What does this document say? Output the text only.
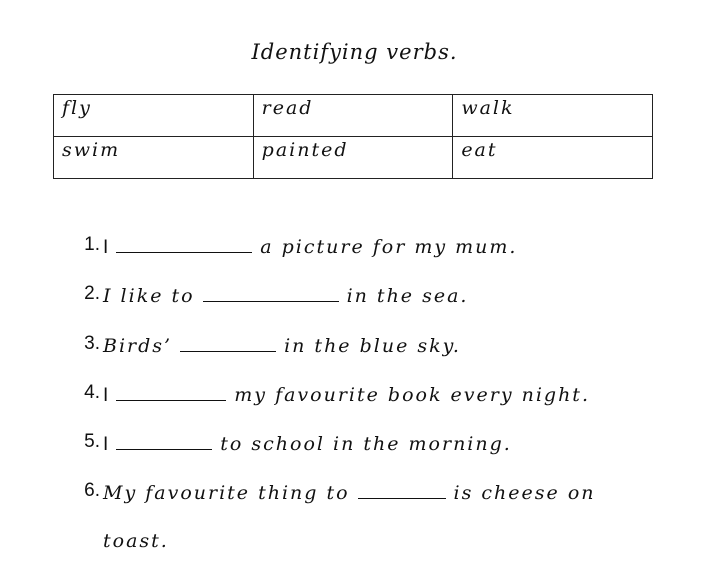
Identifying verbs.
fly	read	walk
swim	painted	eat
1. I	a picture for my mum.
2. I like to	in the sea.
3. Birds’	in the blue sky.
4. I	my favourite book every night.
5. I	to school in the morning.
6. My favourite thing to	is cheese on
toast.
